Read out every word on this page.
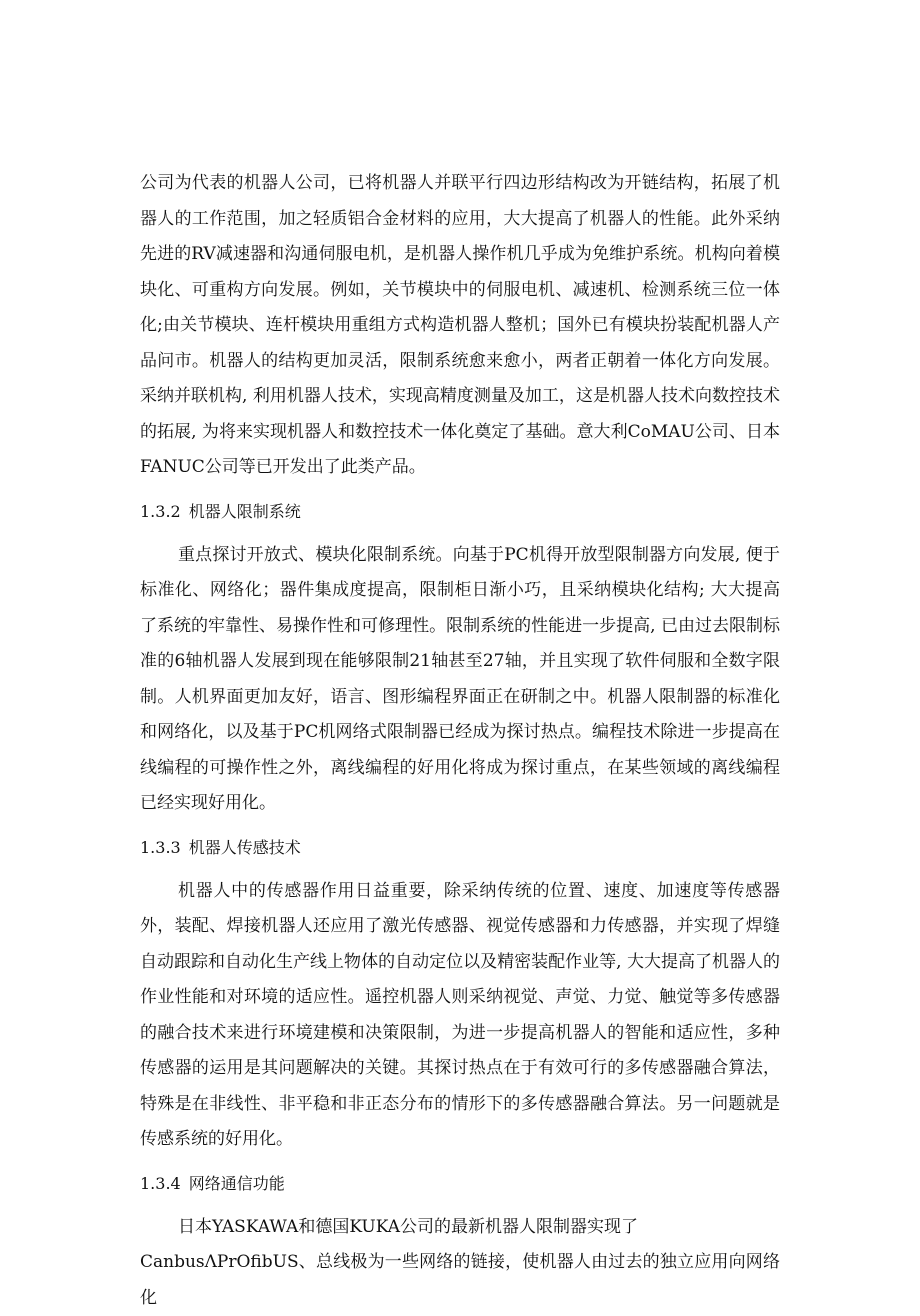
公司为代表的机器人公司，已将机器人并联平行四边形结构改为开链结构，拓展了机器人的工作范围，加之轻质铝合金材料的应用，大大提高了机器人的性能。此外采纳先进的RV减速器和沟通伺服电机，是机器人操作机几乎成为免维护系统。机构向着模块化、可重构方向发展。例如，关节模块中的伺服电机、减速机、检测系统三位一体化;由关节模块、连杆模块用重组方式构造机器人整机；国外已有模块扮装配机器人产品问市。机器人的结构更加灵活，限制系统愈来愈小，两者正朝着一体化方向发展。采纳并联机构, 利用机器人技术，实现高精度测量及加工，这是机器人技术向数控技术的拓展, 为将来实现机器人和数控技术一体化奠定了基础。意大利CoMAU公司、日本FANUC公司等已开发出了此类产品。

1.3.2 机器人限制系统

重点探讨开放式、模块化限制系统。向基于PC机得开放型限制器方向发展, 便于标准化、网络化；器件集成度提高，限制柜日渐小巧，且采纳模块化结构; 大大提高了系统的牢靠性、易操作性和可修理性。限制系统的性能进一步提高, 已由过去限制标准的6轴机器人发展到现在能够限制21轴甚至27轴，并且实现了软件伺服和全数字限制。人机界面更加友好，语言、图形编程界面正在研制之中。机器人限制器的标准化和网络化，以及基于PC机网络式限制器已经成为探讨热点。编程技术除进一步提高在线编程的可操作性之外，离线编程的好用化将成为探讨重点，在某些领域的离线编程已经实现好用化。

1.3.3 机器人传感技术

机器人中的传感器作用日益重要，除采纳传统的位置、速度、加速度等传感器外，装配、焊接机器人还应用了激光传感器、视觉传感器和力传感器，并实现了焊缝自动跟踪和自动化生产线上物体的自动定位以及精密装配作业等, 大大提高了机器人的作业性能和对环境的适应性。遥控机器人则采纳视觉、声觉、力觉、触觉等多传感器的融合技术来进行环境建模和决策限制，为进一步提高机器人的智能和适应性，多种传感器的运用是其问题解决的关键。其探讨热点在于有效可行的多传感器融合算法，特殊是在非线性、非平稳和非正态分布的情形下的多传感器融合算法。另一问题就是传感系统的好用化。

1.3.4 网络通信功能

日本YASKAWA和德国KUKA公司的最新机器人限制器实现了

CanbusΛPrOfibUS、总线极为一些网络的链接，使机器人由过去的独立应用向网络化
